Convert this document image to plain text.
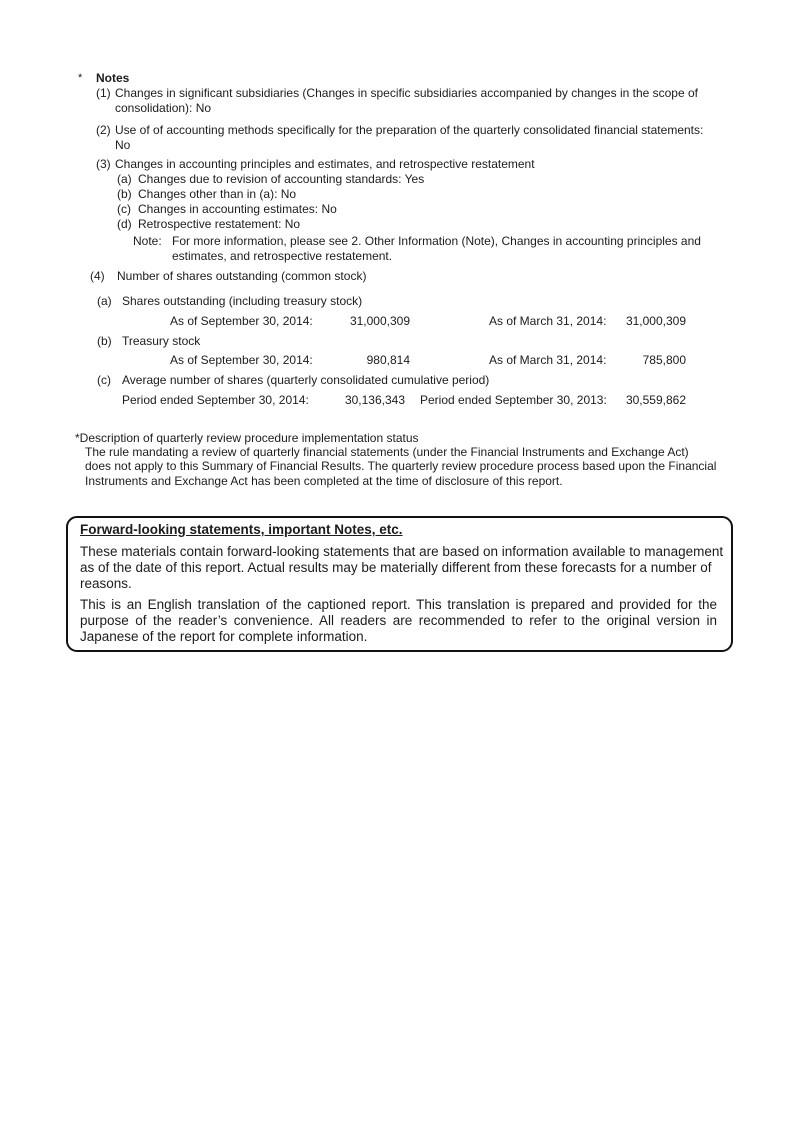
*	Notes
(1) Changes in significant subsidiaries (Changes in specific subsidiaries accompanied by changes in the scope of
consolidation): No
(2) Use of of accounting methods specifically for the preparation of the quarterly consolidated financial statements:
No
(3) Changes in accounting principles and estimates, and retrospective restatement
(a) Changes due to revision of accounting standards: Yes
(b) Changes other than in (a): No
(c) Changes in accounting estimates: No
(d) Retrospective restatement: No
Note: For more information, please see 2. Other Information (Note), Changes in accounting principles and
estimates, and retrospective restatement.
(4)	Number of shares outstanding (common stock)
(a) Shares outstanding (including treasury stock)
As of September 30, 2014:	31,000,309	As of March 31, 2014: 31,000,309
(b) Treasury stock
As of September 30, 2014:	980,814	As of March 31, 2014:	785,800
(c) Average number of shares (quarterly consolidated cumulative period)
Period ended September 30, 2014:	30,136,343 Period ended September 30, 2013: 30,559,862
*Description of quarterly review procedure implementation status
The rule mandating a review of quarterly financial statements (under the Financial Instruments and Exchange Act)
does not apply to this Summary of Financial Results. The quarterly review procedure process based upon the Financial
Instruments and Exchange Act has been completed at the time of disclosure of this report.
Forward-looking statements, important Notes, etc.
These materials contain forward-looking statements that are based on information available to management
as of the date of this report. Actual results may be materially different from these forecasts for a number of
reasons.
This is an English translation of the captioned report. This translation is prepared and provided for the
purpose of the reader’s convenience. All readers are recommended to refer to the original version in
Japanese of the report for complete information.
